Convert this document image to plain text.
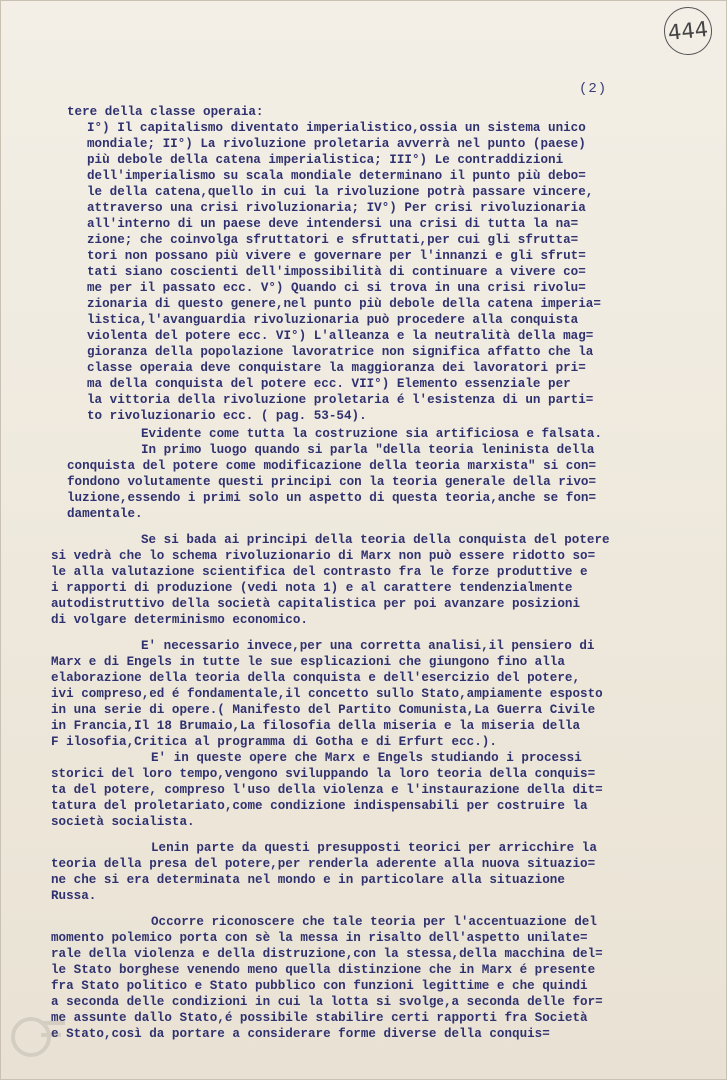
444
(2)
tere della classe operaia:
I°) Il capitalismo diventato imperialistico,ossia un sistema unico
mondiale; II°) La rivoluzione proletaria avverrà nel punto (paese)
più debole della catena imperialistica; III°) Le contraddizioni
dell'imperialismo su scala mondiale determinano il punto più debo=
le della catena,quello in cui la rivoluzione potrà passare vincere,
attraverso una crisi rivoluzionaria; IV°) Per crisi rivoluzionaria
all'interno di un paese deve intendersi una crisi di tutta la na=
zione; che coinvolga sfruttatori e sfruttati,per cui gli sfrutta=
tori non possano più vivere e governare per l'innanzi e gli sfrut=
tati siano coscienti dell'impossibilità di continuare a vivere co=
me per il passato ecc. V°) Quando ci si trova in una crisi rivolu=
zionaria di questo genere,nel punto più debole della catena imperia=
listica,l'avanguardia rivoluzionaria può procedere alla conquista
violenta del potere ecc. VI°) L'alleanza e la neutralità della mag=
gioranza della popolazione lavoratrice non significa affatto che la
classe operaia deve conquistare la maggioranza dei lavoratori pri=
ma della conquista del potere ecc. VII°) Elemento essenziale per
la vittoria della rivoluzione proletaria é l'esistenza di un parti=
to rivoluzionario ecc. ( pag. 53-54).
Evidente come tutta la costruzione sia artificiosa e falsata.
In primo luogo quando si parla "della teoria leninista della
conquista del potere come modificazione della teoria marxista" si con=
fondono volutamente questi principi con la teoria generale della rivo=
luzione,essendo i primi solo un aspetto di questa teoria,anche se fon=
damentale.
Se si bada ai principi della teoria della conquista del potere
si vedrà che lo schema rivoluzionario di Marx non può essere ridotto so=
le alla valutazione scientifica del contrasto fra le forze produttive e
i rapporti di produzione (vedi nota 1) e al carattere tendenzialmente
autodistruttivo della società capitalistica per poi avanzare posizioni
di volgare determinismo economico.
E' necessario invece,per una corretta analisi,il pensiero di
Marx e di Engels in tutte le sue esplicazioni che giungono fino alla
elaborazione della teoria della conquista e dell'esercizio del potere,
ivi compreso,ed é fondamentale,il concetto sullo Stato,ampiamente esposto
in una serie di opere.( Manifesto del Partito Comunista,La Guerra Civile
in Francia,Il 18 Brumaio,La filosofia della miseria e la miseria della
F ilosofia,Critica al programma di Gotha e di Erfurt ecc.).
E' in queste opere che Marx e Engels studiando i processi
storici del loro tempo,vengono sviluppando la loro teoria della conquis=
ta del potere, compreso l'uso della violenza e l'instaurazione della dit=
tatura del proletariato,come condizione indispensabili per costruire la
società socialista.
Lenin parte da questi presupposti teorici per arricchire la
teoria della presa del potere,per renderla aderente alla nuova situazio=
ne che si era determinata nel mondo e in particolare alla situazione
Russa.
Occorre riconoscere che tale teoria per l'accentuazione del
momento polemico porta con sè la messa in risalto dell'aspetto unilate=
rale della violenza e della distruzione,con la stessa,della macchina del=
le Stato borghese venendo meno quella distinzione che in Marx é presente
fra Stato politico e Stato pubblico con funzioni legittime e che quindi
a seconda delle condizioni in cui la lotta si svolge,a seconda delle for=
me assunte dallo Stato,é possibile stabilire certi rapporti fra Società
e Stato,così da portare a considerare forme diverse della conquis=
